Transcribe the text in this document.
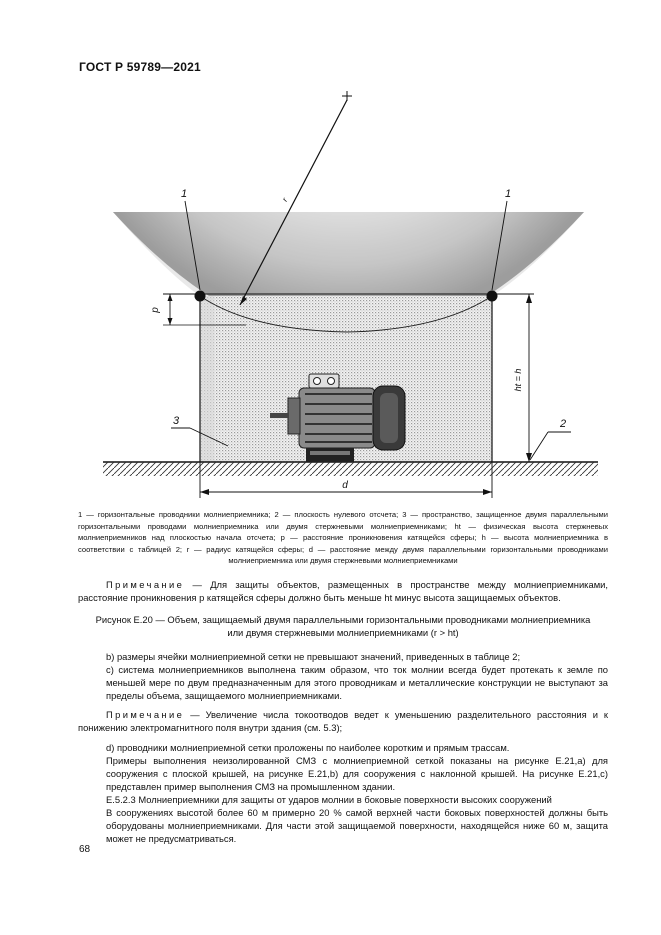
ГОСТ Р 59789—2021
1	1
2
3
r
p
ht = h
d
1 — горизонтальные проводники молниеприемника; 2 — плоскость нулевого отсчета; 3 — пространство, защищенное двумя параллельными горизонтальными проводами молниеприемника или двумя стержневыми молниеприемниками; ht — физическая высота стержневых молниеприемников над плоскостью начала отсчета; p — расстояние проникновения катящейся сферы; h — высота молниеприемника в соответствии с таблицей 2; r — радиус катящейся сферы; d — расстояние между двумя параллельными горизонтальными проводниками молниеприемника или двумя стержневыми молниеприемниками
Примечание — Для защиты объектов, размещенных в пространстве между молниеприемниками, расстояние проникновения p катящейся сферы должно быть меньше ht минус высота защищаемых объектов.
Рисунок Е.20 — Объем, защищаемый двумя параллельными горизонтальными проводниками молниеприемника
или двумя стержневыми молниеприемниками (r > ht)
b) размеры ячейки молниеприемной сетки не превышают значений, приведенных в таблице 2;
c) система молниеприемников выполнена таким образом, что ток молнии всегда будет протекать к земле по меньшей мере по двум предназначенным для этого проводникам и металлические конструкции не выступают за пределы объема, защищаемого молниеприемниками.
Примечание — Увеличение числа токоотводов ведет к уменьшению разделительного расстояния и к понижению электромагнитного поля внутри здания (см. 5.3);
d) проводники молниеприемной сетки проложены по наиболее коротким и прямым трассам.
Примеры выполнения неизолированной СМЗ с молниеприемной сеткой показаны на рисунке Е.21,а) для сооружения с плоской крышей, на рисунке Е.21,b) для сооружения с наклонной крышей. На рисунке Е.21,с) представлен пример выполнения СМЗ на промышленном здании.
Е.5.2.3 Молниеприемники для защиты от ударов молнии в боковые поверхности высоких сооружений
В сооружениях высотой более 60 м примерно 20 % самой верхней части боковых поверхностей должны быть оборудованы молниеприемниками. Для части этой защищаемой поверхности, находящейся ниже 60 м, защита может не предусматриваться.
68
